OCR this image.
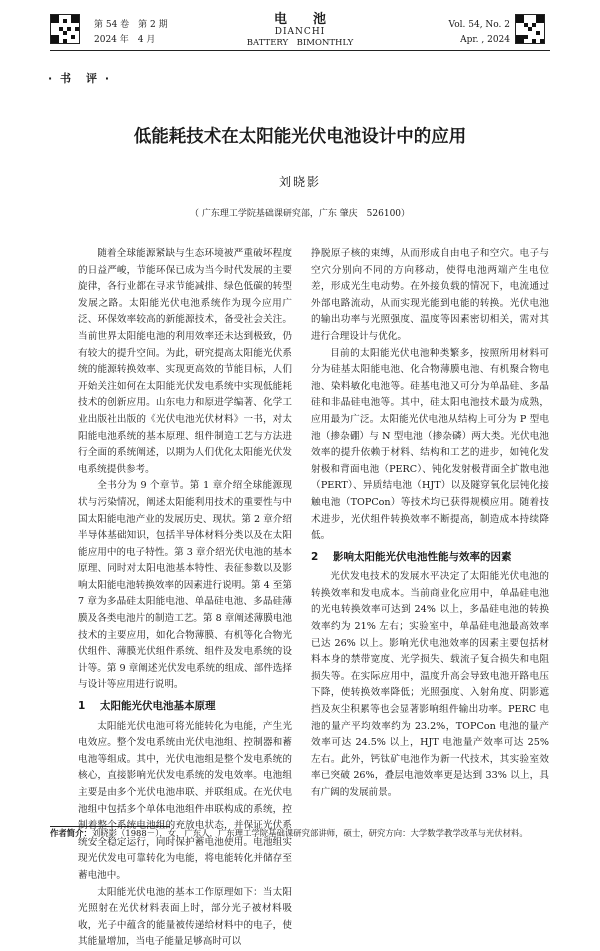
第 54 卷　第 2 期
2024 年　4 月
电　　池
DIANCHI
BATTERY　BIMONTHLY
Vol. 54, No. 2
Apr. , 2024
· 书　评 ·
低能耗技术在太阳能光伏电池设计中的应用
刘晓影
（ 广东理工学院基础课研究部，广东 肇庆　526100）

随着全球能源紧缺与生态环境被严重破坏程度的日益严峻，节能环保已成为当今时代发展的主要旋律，各行业都在寻求节能减排、绿色低碳的转型发展之路。太阳能光伏电池系统作为现今应用广泛、环保效率较高的新能源技术，备受社会关注。当前世界太阳能电池的利用效率还未达到极致，仍有较大的提升空间。为此，研究提高太阳能光伏系统的能源转换效率、实现更高效的节能目标，人们开始关注如何在太阳能光伏发电系统中实现低能耗技术的创新应用。山东电力和原进学编著、化学工业出版社出版的《光伏电池光伏材料》一书，对太阳能电池系统的基本原理、组件制造工艺与方法进行全面的系统阐述，以期为人们优化太阳能光伏发电系统提供参考。

全书分为 9 个章节。第 1 章介绍全球能源现状与污染情况，阐述太阳能利用技术的重要性与中国太阳能电池产业的发展历史、现状。第 2 章介绍半导体基础知识，包括半导体材料分类以及在太阳能应用中的电子特性。第 3 章介绍光伏电池的基本原理、同时对太阳电池基本特性、表征参数以及影响太阳能电池转换效率的因素进行说明。第 4 至第 7 章为多晶硅太阳能电池、单晶硅电池、多晶硅薄膜及各类电池片的制造工艺。第 8 章阐述薄膜电池技术的主要应用，如化合物薄膜、有机等化合物光伏组件、薄膜光伏组件系统、组件及发电系统的设计等。第 9 章阐述光伏发电系统的组成、部件选择与设计等应用进行说明。

1 太阳能光伏电池基本原理

太阳能光伏电池可将光能转化为电能，产生光电效应。整个发电系统由光伏电池组、控制器和蓄电池等组成。其中，光伏电池组是整个发电系统的核心，直接影响光伏发电系统的发电效率。电池组主要是由多个光伏电池串联、并联组成。在光伏电池组中包括多个单体电池组件串联构成的系统，控制着整个系统电池组的充放电状态，并保证光伏系统安全稳定运行，同时保护蓄电池使用。电池组实现光伏发电可靠转化为电能，将电能转化并储存至蓄电池中。

太阳能光伏电池的基本工作原理如下：当太阳光照射在光伏材料表面上时，部分光子被材料吸收，光子中蕴含的能量被传递给材料中的电子，使其能量增加，当电子能量足够高时可以

挣脱原子核的束缚，从而形成自由电子和空穴。电子与空穴分别向不同的方向移动，使得电池两端产生电位差，形成光生电动势。在外接负载的情况下，电流通过外部电路流动，从而实现光能到电能的转换。光伏电池的输出功率与光照强度、温度等因素密切相关，需对其进行合理设计与优化。

目前的太阳能光伏电池种类繁多，按照所用材料可分为硅基太阳能电池、化合物薄膜电池、有机聚合物电池、染料敏化电池等。硅基电池又可分为单晶硅、多晶硅和非晶硅电池等。其中，硅太阳电池技术最为成熟，应用最为广泛。太阳能光伏电池从结构上可分为 P 型电池（掺杂硼）与 N 型电池（掺杂磷）两大类。光伏电池效率的提升依赖于材料、结构和工艺的进步，如钝化发射极和背面电池（PERC）、钝化发射极背面全扩散电池（PERT）、异质结电池（HJT）以及隧穿氧化层钝化接触电池（TOPCon）等技术均已获得规模应用。随着技术进步，光伏组件转换效率不断提高，制造成本持续降低。

2 影响太阳能光伏电池性能与效率的因素

光伏发电技术的发展水平决定了太阳能光伏电池的转换效率和发电成本。当前商业化应用中，单晶硅电池的光电转换效率可达到 24% 以上，多晶硅电池的转换效率约为 21% 左右；实验室中，单晶硅电池最高效率已达 26% 以上。影响光伏电池效率的因素主要包括材料本身的禁带宽度、光学损失、载流子复合损失和电阻损失等。在实际应用中，温度升高会导致电池开路电压下降，使转换效率降低；光照强度、入射角度、阴影遮挡及灰尘积累等也会显著影响组件输出功率。PERC 电池的量产平均效率约为 23.2%，TOPCon 电池的量产效率可达 24.5% 以上，HJT 电池量产效率可达 25% 左右。此外，钙钛矿电池作为新一代技术，其实验室效率已突破 26%，叠层电池效率更是达到 33% 以上，具有广阔的发展前景。

作者简介：刘晓影（1988－），女，广东人，广东理工学院基础课研究部讲师，硕士，研究方向：大学数学教学改革与光伏材料。
